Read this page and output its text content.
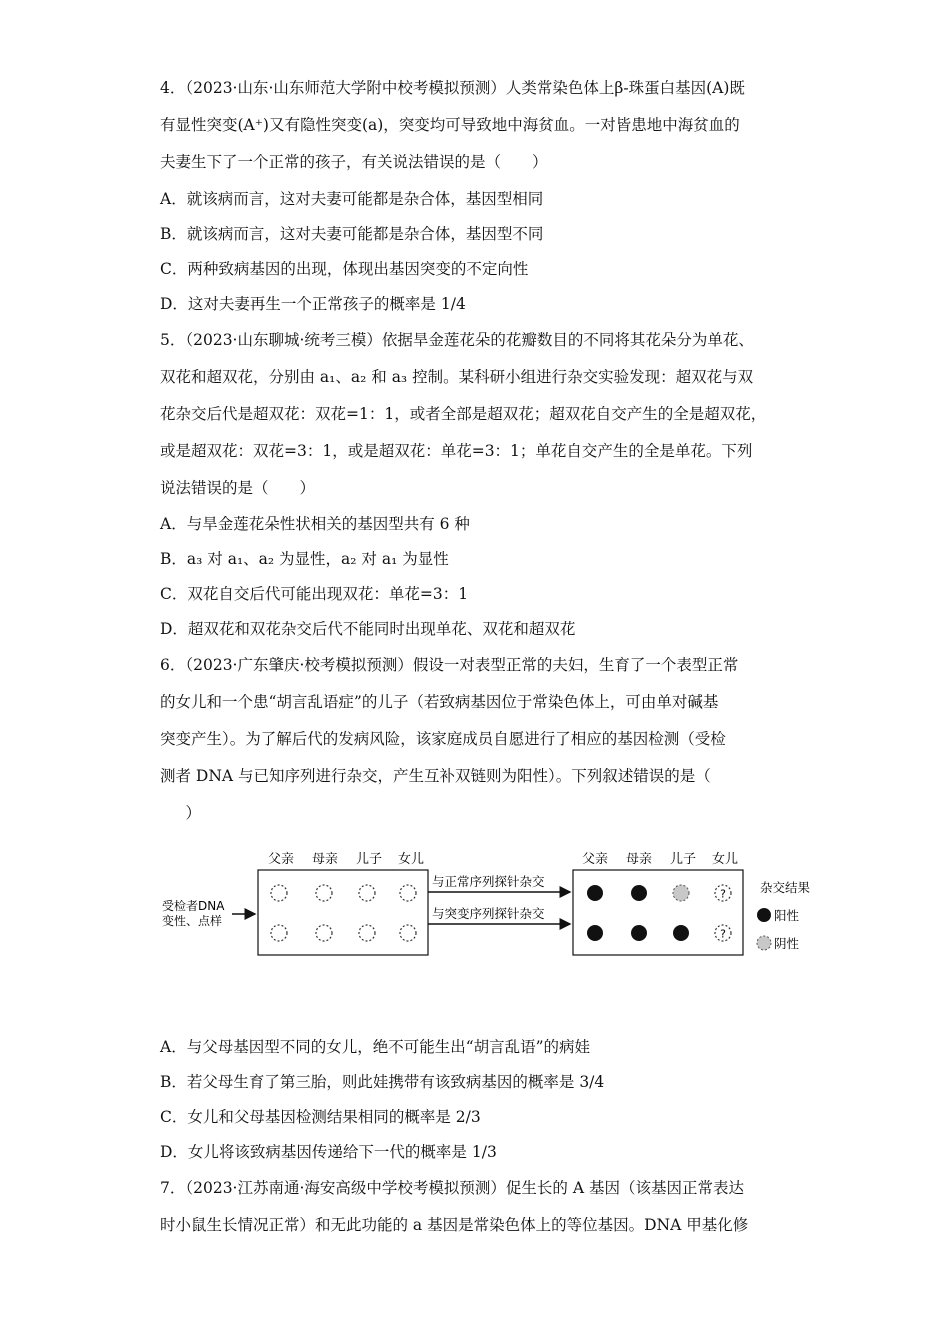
4．（2023·山东·山东师范大学附中校考模拟预测）人类常染色体上β-珠蛋白基因(A)既
有显性突变(A⁺)又有隐性突变(a)，突变均可导致地中海贫血。一对皆患地中海贫血的
夫妻生下了一个正常的孩子，有关说法错误的是（　　）
A．就该病而言，这对夫妻可能都是杂合体，基因型相同
B．就该病而言，这对夫妻可能都是杂合体，基因型不同
C．两种致病基因的出现，体现出基因突变的不定向性
D．这对夫妻再生一个正常孩子的概率是 1/4
5．（2023·山东聊城·统考三模）依据旱金莲花朵的花瓣数目的不同将其花朵分为单花、
双花和超双花，分别由 a₁、a₂ 和 a₃ 控制。某科研小组进行杂交实验发现：超双花与双
花杂交后代是超双花：双花=1：1，或者全部是超双花；超双花自交产生的全是超双花，
或是超双花：双花=3：1，或是超双花：单花=3：1；单花自交产生的全是单花。下列
说法错误的是（　　）
A．与旱金莲花朵性状相关的基因型共有 6 种
B．a₃ 对 a₁、a₂ 为显性，a₂ 对 a₁ 为显性
C．双花自交后代可能出现双花：单花=3：1
D．超双花和双花杂交后代不能同时出现单花、双花和超双花
6．（2023·广东肇庆·校考模拟预测）假设一对表型正常的夫妇，生育了一个表型正常
的女儿和一个患“胡言乱语症”的儿子（若致病基因位于常染色体上，可由单对碱基
突变产生）。为了解后代的发病风险，该家庭成员自愿进行了相应的基因检测（受检
测者 DNA 与已知序列进行杂交，产生互补双链则为阳性）。下列叙述错误的是（
　）
受检者DNA
变性、点样
父亲 母亲 儿子 女儿
与正常序列探针杂交
与突变序列探针杂交
父亲 母亲 儿子 女儿
?
?
杂交结果
阳性
阴性
A．与父母基因型不同的女儿，绝不可能生出“胡言乱语”的病娃
B．若父母生育了第三胎，则此娃携带有该致病基因的概率是 3/4
C．女儿和父母基因检测结果相同的概率是 2/3
D．女儿将该致病基因传递给下一代的概率是 1/3
7．（2023·江苏南通·海安高级中学校考模拟预测）促生长的 A 基因（该基因正常表达
时小鼠生长情况正常）和无此功能的 a 基因是常染色体上的等位基因。DNA 甲基化修
